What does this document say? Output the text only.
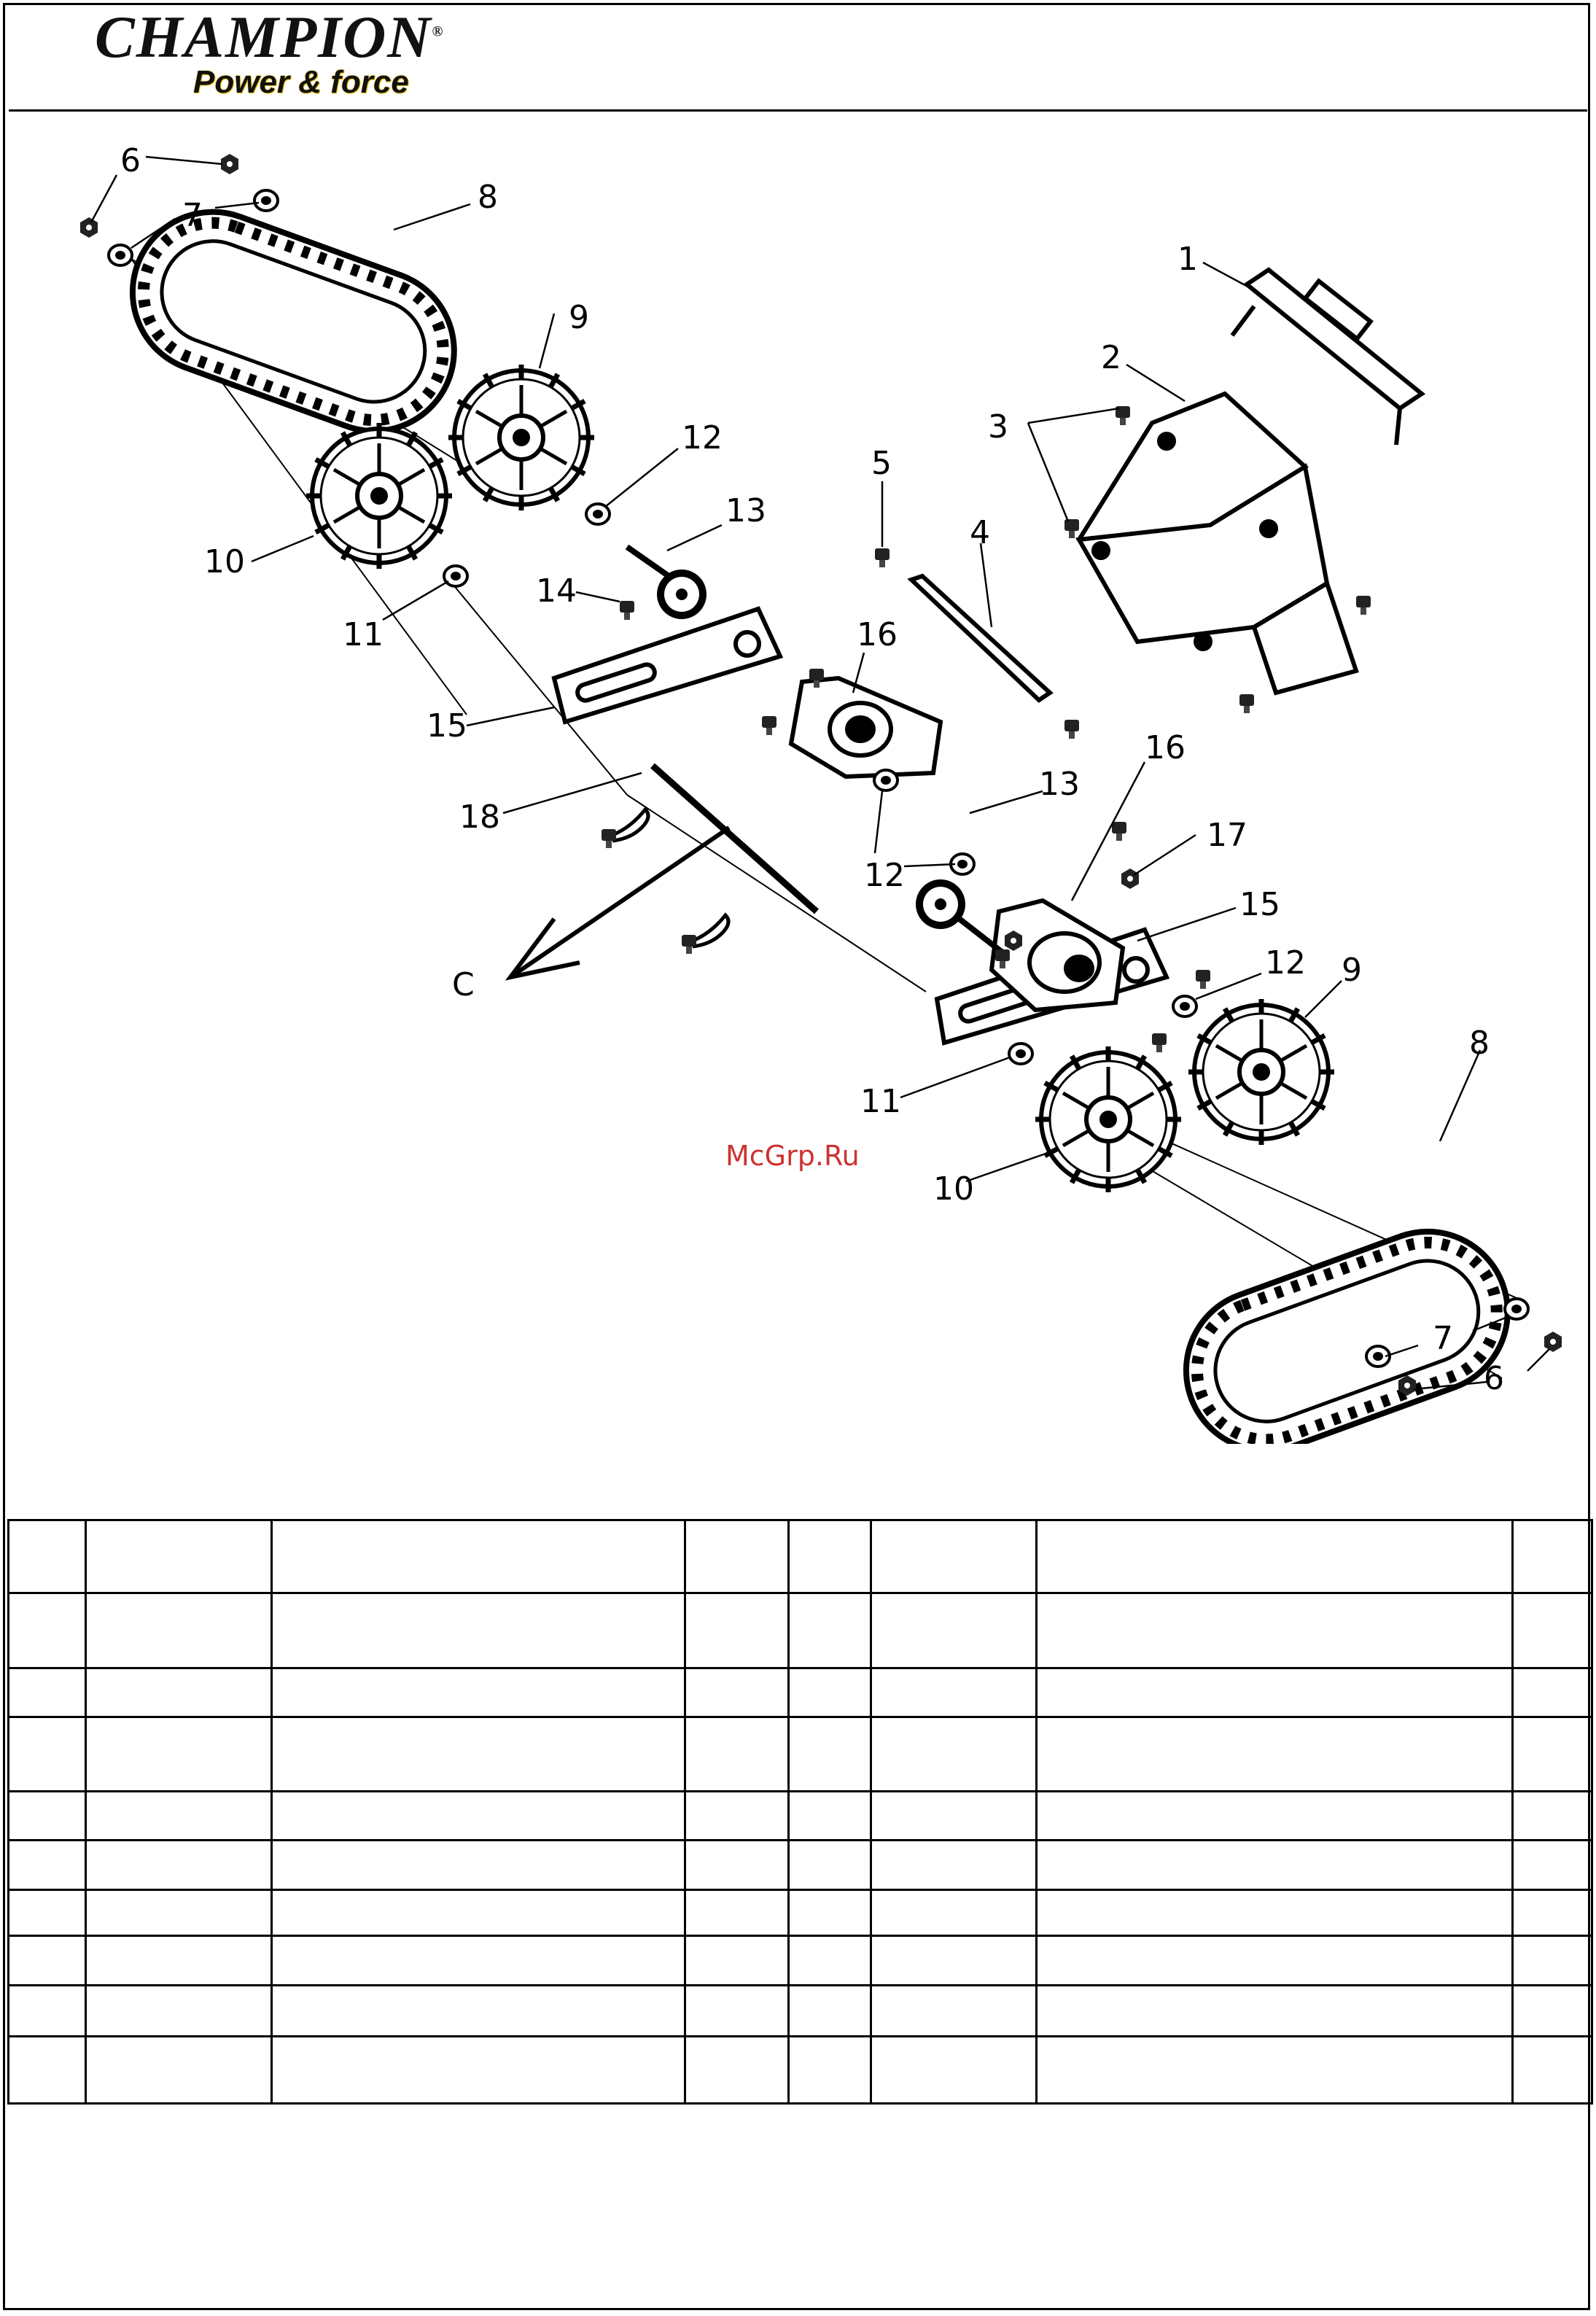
CHAMPION®
Power & force
1
2
3
4
5
6
6
7
7
8
8
9
9
10
10
11
11
12
12
12
13
13
14
15
15
16
16
17
18
C
McGrp.Ru
